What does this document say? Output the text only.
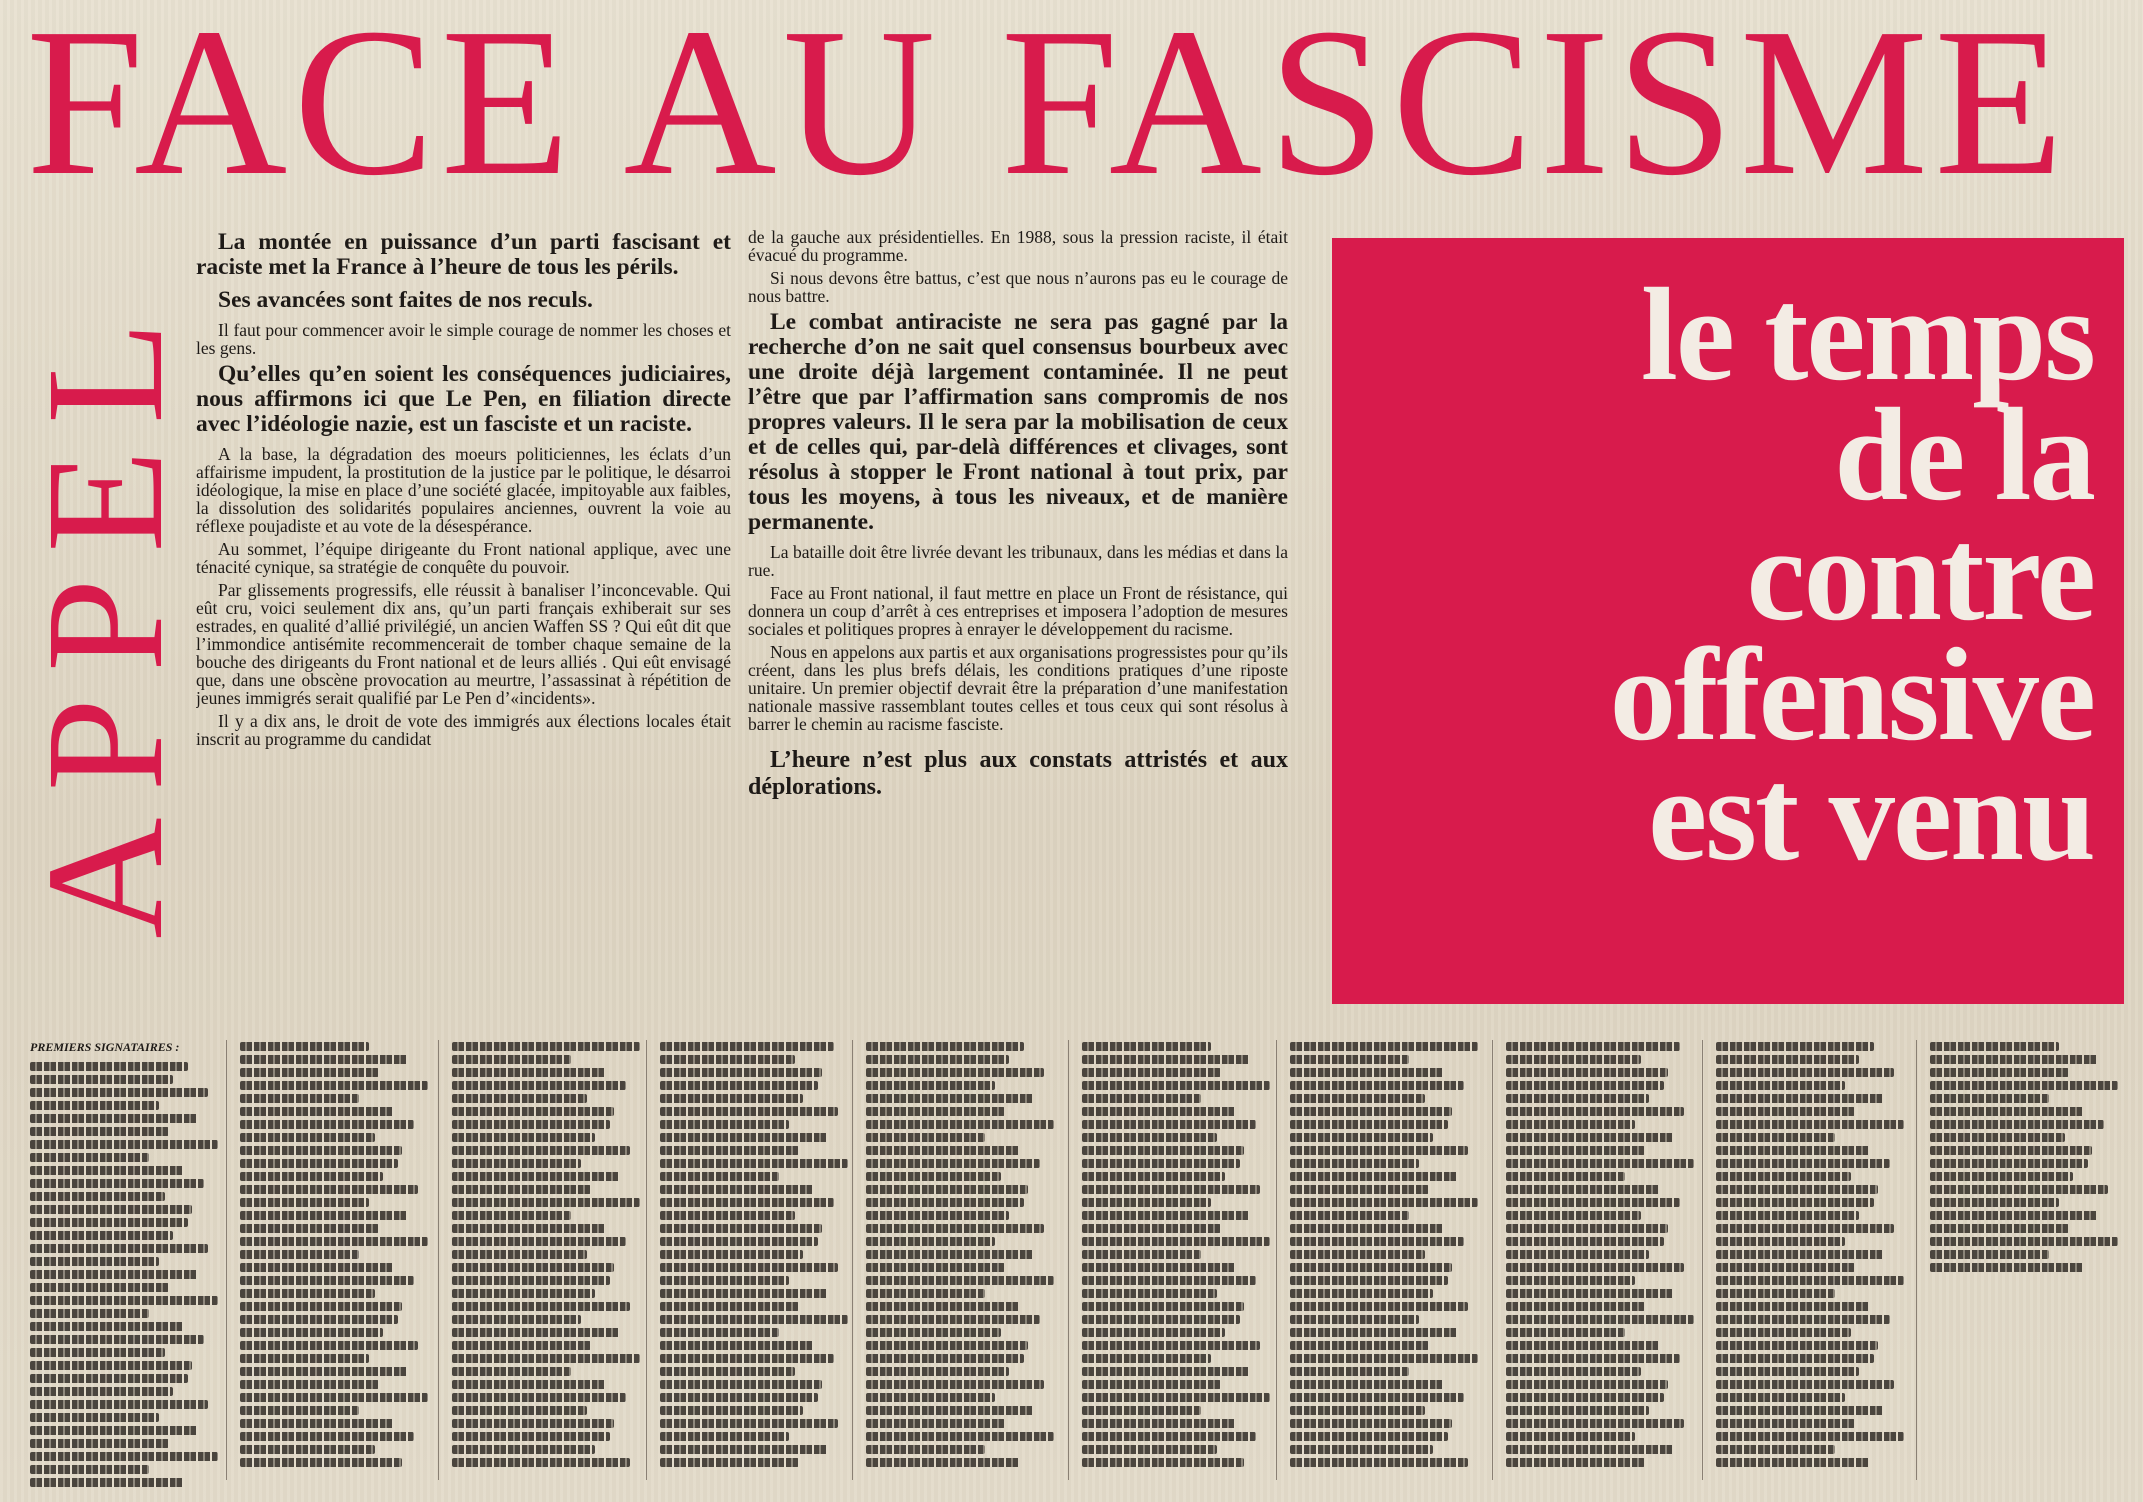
FACE AU FASCISME
APPEL

La montée en puissance d’un parti fascisant et raciste met la France à l’heure de tous les périls.

Ses avancées sont faites de nos reculs.

Il faut pour commencer avoir le simple courage de nommer les choses et les gens.

Qu’elles qu’en soient les conséquences judiciaires, nous affirmons ici que Le Pen, en filiation directe avec l’idéologie nazie, est un fasciste et un raciste.

A la base, la dégradation des moeurs politiciennes, les éclats d’un affairisme impudent, la prostitution de la justice par le politique, le désarroi idéologique, la mise en place d’une société glacée, impitoyable aux faibles, la dissolution des solidarités populaires anciennes, ouvrent la voie au réflexe poujadiste et au vote de la désespérance.

Au sommet, l’équipe dirigeante du Front national applique, avec une ténacité cynique, sa stratégie de conquête du pouvoir.

Par glissements progressifs, elle réussit à banaliser l’inconcevable. Qui eût cru, voici seulement dix ans, qu’un parti français exhiberait sur ses estrades, en qualité d’allié privilégié, un ancien Waffen SS ? Qui eût dit que l’immondice antisémite recommencerait de tomber chaque semaine de la bouche des dirigeants du Front national et de leurs alliés . Qui eût envisagé que, dans une obscène provocation au meurtre, l’assassinat à répétition de jeunes immigrés serait qualifié par Le Pen d’«incidents».

Il y a dix ans, le droit de vote des immigrés aux élections locales était inscrit au programme du candidat

de la gauche aux présidentielles. En 1988, sous la pression raciste, il était évacué du programme.

Si nous devons être battus, c’est que nous n’aurons pas eu le courage de nous battre.

Le combat antiraciste ne sera pas gagné par la recherche d’on ne sait quel consensus bourbeux avec une droite déjà largement contaminée. Il ne peut l’être que par l’affirmation sans compromis de nos propres valeurs. Il le sera par la mobilisation de ceux et de celles qui, par-delà différences et clivages, sont résolus à stopper le Front national à tout prix, par tous les moyens, à tous les niveaux, et de manière permanente.

La bataille doit être livrée devant les tribunaux, dans les médias et dans la rue.

Face au Front national, il faut mettre en place un Front de résistance, qui donnera un coup d’arrêt à ces entreprises et imposera l’adoption de mesures sociales et politiques propres à enrayer le développement du racisme.

Nous en appelons aux partis et aux organisations progressistes pour qu’ils créent, dans les plus brefs délais, les conditions pratiques d’une riposte unitaire. Un premier objectif devrait être la préparation d’une manifestation nationale massive rassemblant toutes celles et tous ceux qui sont résolus à barrer le chemin au racisme fasciste.

L’heure n’est plus aux constats attristés et aux déplorations.

le temps
de la
contre
offensive
est venu

PREMIERS SIGNATAIRES :
